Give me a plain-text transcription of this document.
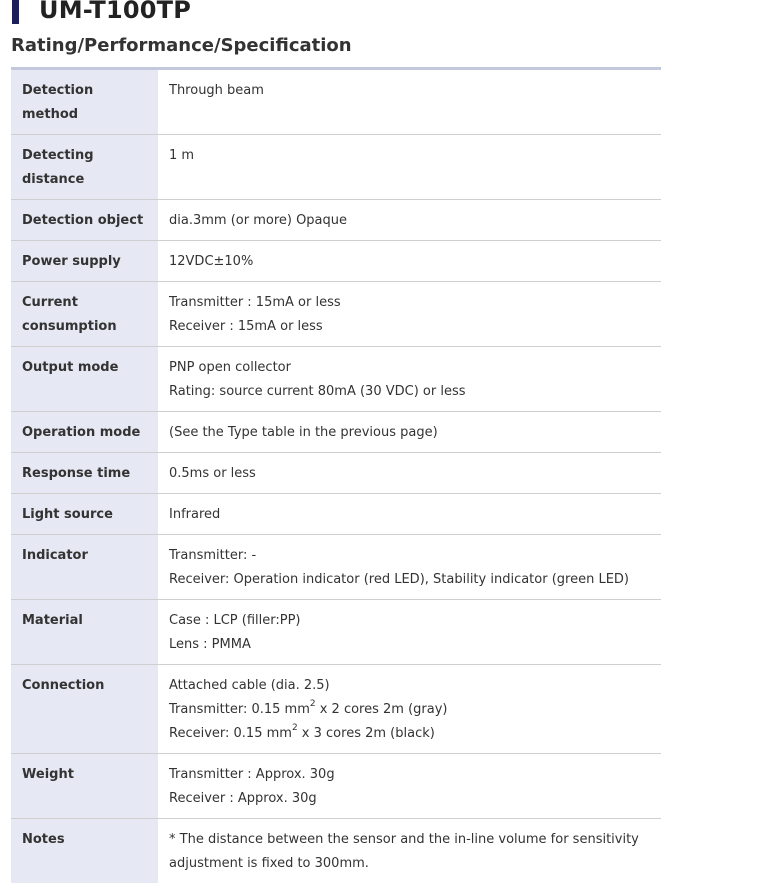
UM-T100TP
Rating/Performance/Specification
Detection method	Through beam

Detecting
distance	1 m

Detection object	dia.3mm (or more) Opaque

Power supply	12VDC±10%

Current
consumption	Transmitter : 15mA or less
Receiver : 15mA or less

Output mode	PNP open collector
Rating: source current 80mA (30 VDC) or less

Operation mode	(See the Type table in the previous page)

Response time	0.5ms or less

Light source	Infrared

Indicator	Transmitter: -
Receiver: Operation indicator (red LED), Stability indicator (green LED)

Material	Case : LCP (filler:PP)
Lens : PMMA

Connection	Attached cable (dia. 2.5)
Transmitter: 0.15 $mm^2$ x 2 cores 2m (gray)
Receiver: 0.15 $mm^2$ x 3 cores 2m (black)

Weight	Transmitter : Approx. 30g
Receiver : Approx. 30g

Notes	* The distance between the sensor and the in-line volume for sensitivity
adjustment is fixed to 300mm.
